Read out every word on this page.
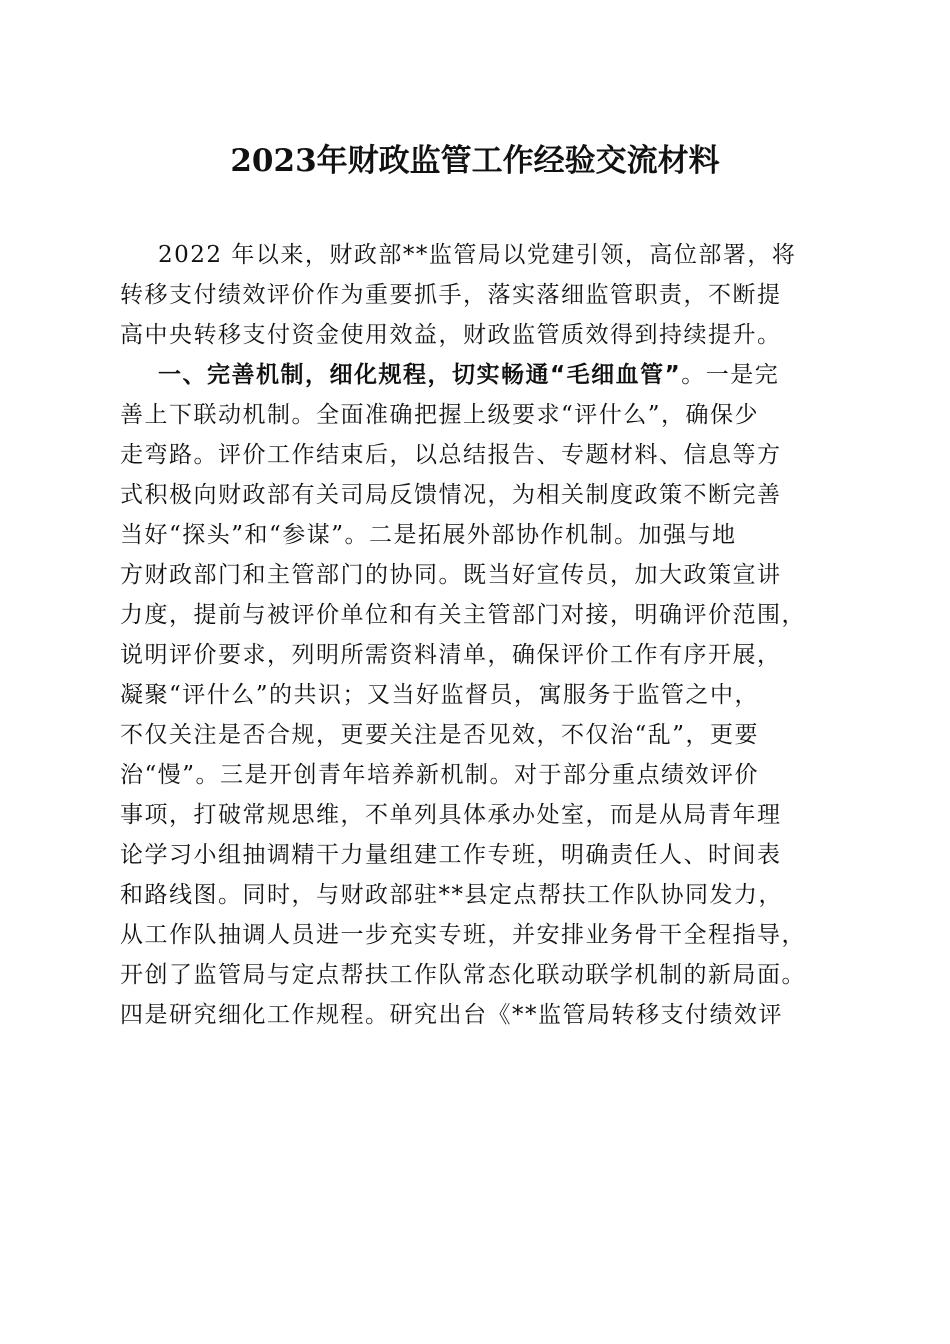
2023年财政监管工作经验交流材料
2022 年以来，财政部**监管局以党建引领，高位部署，将
转移支付绩效评价作为重要抓手，落实落细监管职责，不断提
高中央转移支付资金使用效益，财政监管质效得到持续提升。
一、完善机制，细化规程，切实畅通“毛细血管”。一是完
善上下联动机制。全面准确把握上级要求“评什么”，确保少
走弯路。评价工作结束后，以总结报告、专题材料、信息等方
式积极向财政部有关司局反馈情况，为相关制度政策不断完善
当好“探头”和“参谋”。二是拓展外部协作机制。加强与地
方财政部门和主管部门的协同。既当好宣传员，加大政策宣讲
力度，提前与被评价单位和有关主管部门对接，明确评价范围，
说明评价要求，列明所需资料清单，确保评价工作有序开展，
凝聚“评什么”的共识；又当好监督员，寓服务于监管之中，
不仅关注是否合规，更要关注是否见效，不仅治“乱”，更要
治“慢”。三是开创青年培养新机制。对于部分重点绩效评价
事项，打破常规思维，不单列具体承办处室，而是从局青年理
论学习小组抽调精干力量组建工作专班，明确责任人、时间表
和路线图。同时，与财政部驻**县定点帮扶工作队协同发力，
从工作队抽调人员进一步充实专班，并安排业务骨干全程指导，
开创了监管局与定点帮扶工作队常态化联动联学机制的新局面。
四是研究细化工作规程。研究出台《**监管局转移支付绩效评
